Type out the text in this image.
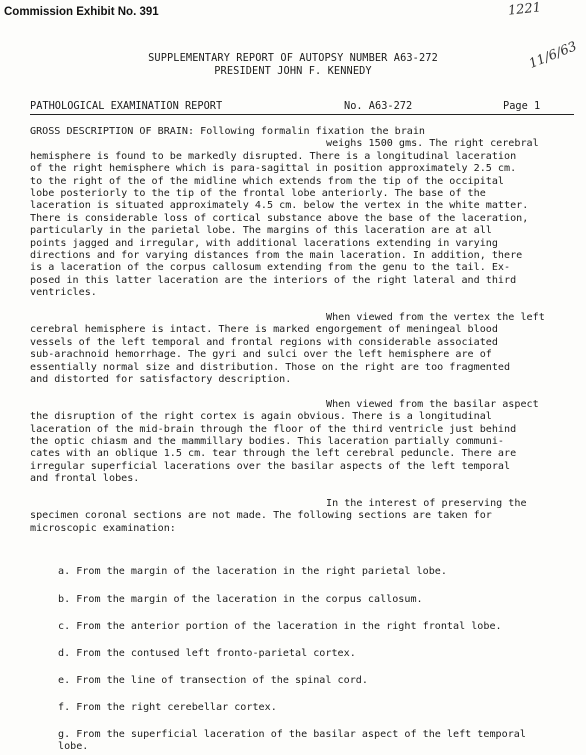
Commission Exhibit No. 391	1221
11/6/63
SUPPLEMENTARY REPORT OF AUTOPSY NUMBER A63-272
PRESIDENT JOHN F. KENNEDY
PATHOLOGICAL EXAMINATION REPORT	No. A63-272	Page 1
GROSS DESCRIPTION OF BRAIN: Following formalin fixation the brain
weighs 1500 gms. The right cerebral
hemisphere is found to be markedly disrupted. There is a longitudinal laceration
of the right hemisphere which is para-sagittal in position approximately 2.5 cm.
to the right of the of the midline which extends from the tip of the occipital
lobe posteriorly to the tip of the frontal lobe anteriorly. The base of the
laceration is situated approximately 4.5 cm. below the vertex in the white matter.
There is considerable loss of cortical substance above the base of the laceration,
particularly in the parietal lobe. The margins of this laceration are at all
points jagged and irregular, with additional lacerations extending in varying
directions and for varying distances from the main laceration. In addition, there
is a laceration of the corpus callosum extending from the genu to the tail. Ex-
posed in this latter laceration are the interiors of the right lateral and third
ventricles.
When viewed from the vertex the left
cerebral hemisphere is intact. There is marked engorgement of meningeal blood
vessels of the left temporal and frontal regions with considerable associated
sub-arachnoid hemorrhage. The gyri and sulci over the left hemisphere are of
essentially normal size and distribution. Those on the right are too fragmented
and distorted for satisfactory description.
When viewed from the basilar aspect
the disruption of the right cortex is again obvious. There is a longitudinal
laceration of the mid-brain through the floor of the third ventricle just behind
the optic chiasm and the mammillary bodies. This laceration partially communi-
cates with an oblique 1.5 cm. tear through the left cerebral peduncle. There are
irregular superficial lacerations over the basilar aspects of the left temporal
and frontal lobes.
In the interest of preserving the
specimen coronal sections are not made. The following sections are taken for
microscopic examination:
a. From the margin of the laceration in the right parietal lobe.
b. From the margin of the laceration in the corpus callosum.
c. From the anterior portion of the laceration in the right frontal lobe.
d. From the contused left fronto-parietal cortex.
e. From the line of transection of the spinal cord.
f. From the right cerebellar cortex.
g. From the superficial laceration of the basilar aspect of the left temporal
lobe.
